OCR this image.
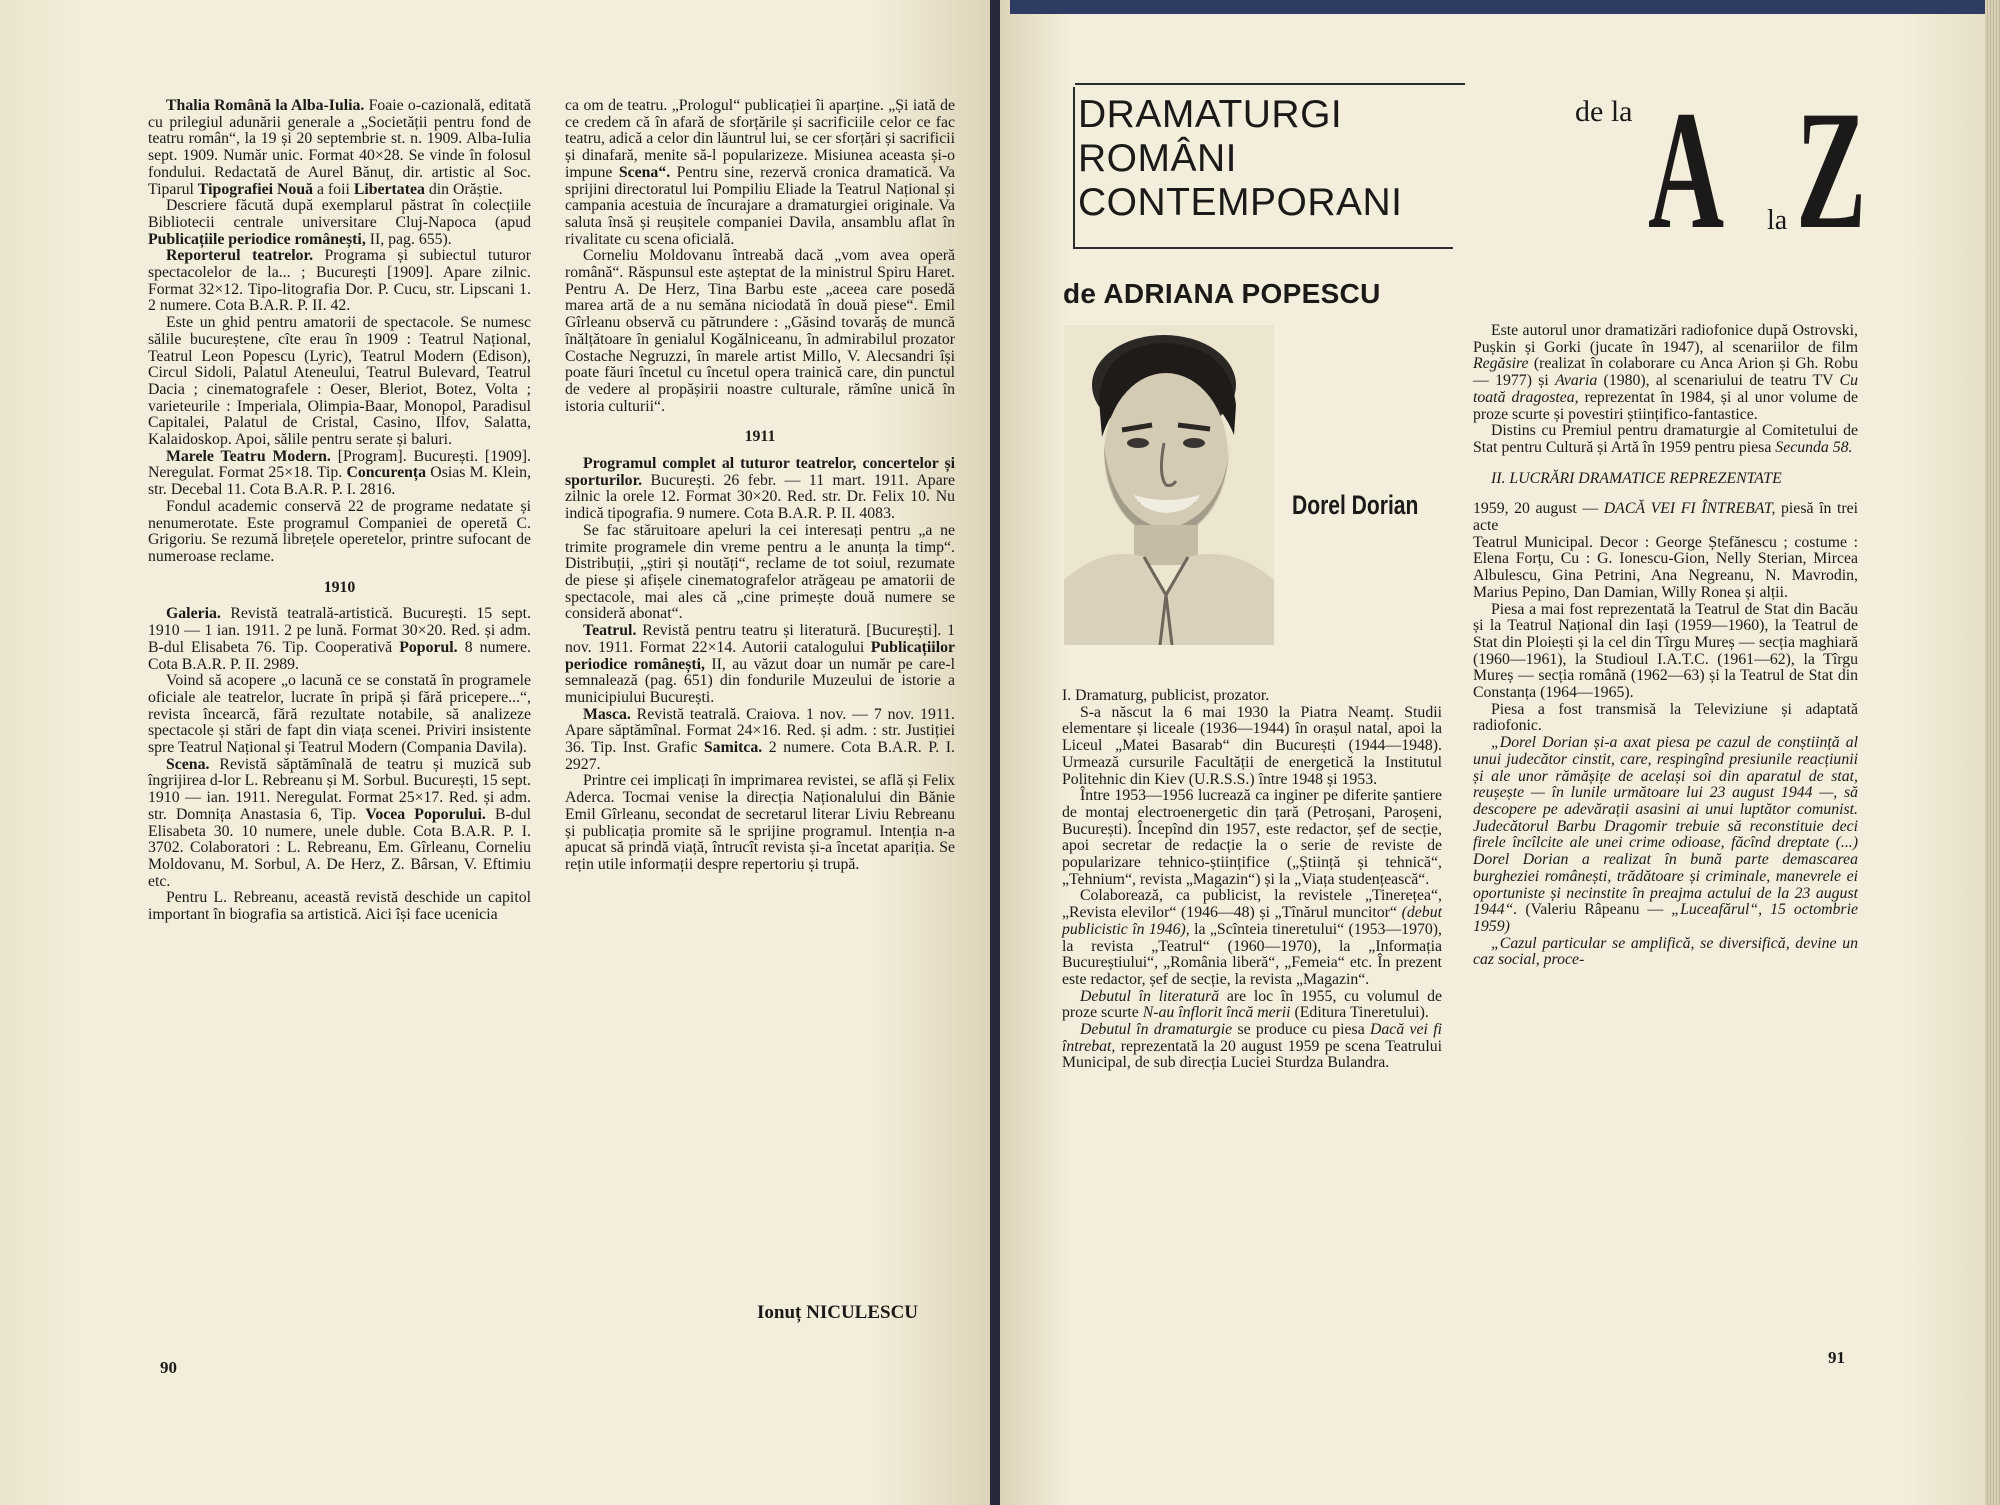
Thalia Română la Alba-Iulia. Foaie o-cazională, editată cu prilegiul adunării generale a „Societății pentru fond de teatru român“, la 19 și 20 septembrie st. n. 1909. Alba-Iulia sept. 1909. Număr unic. Format 40×28. Se vinde în folosul fondului. Redactată de Aurel Bănuț, dir. artistic al Soc. Tiparul Tipografiei Nouă a foii Libertatea din Orăștie.

Descriere făcută după exemplarul păstrat în colecțiile Bibliotecii centrale universitare Cluj-Napoca (apud Publicațiile periodice românești, II, pag. 655).

Reporterul teatrelor. Programa și subiectul tuturor spectacolelor de la... ; București [1909]. Apare zilnic. Format 32×12. Tipo-litografia Dor. P. Cucu, str. Lipscani 1. 2 numere. Cota B.A.R. P. II. 42.

Este un ghid pentru amatorii de spectacole. Se numesc sălile bucureștene, cîte erau în 1909 : Teatrul Național, Teatrul Leon Popescu (Lyric), Teatrul Modern (Edison), Circul Sidoli, Palatul Ateneului, Teatrul Bulevard, Teatrul Dacia ; cinematografele : Oeser, Bleriot, Botez, Volta ; varieteurile : Imperiala, Olimpia-Baar, Monopol, Paradisul Capitalei, Palatul de Cristal, Casino, Ilfov, Salatta, Kalaidoskop. Apoi, sălile pentru serate și baluri.

Marele Teatru Modern. [Program]. București. [1909]. Neregulat. Format 25×18. Tip. Concurența Osias M. Klein, str. Decebal 11. Cota B.A.R. P. I. 2816.

Fondul academic conservă 22 de programe nedatate și nenumerotate. Este programul Companiei de operetă C. Grigoriu. Se rezumă librețele operetelor, printre sufocant de numeroase reclame.

1910

Galeria. Revistă teatrală-artistică. București. 15 sept. 1910 — 1 ian. 1911. 2 pe lună. Format 30×20. Red. și adm. B-dul Elisabeta 76. Tip. Cooperativă Poporul. 8 numere. Cota B.A.R. P. II. 2989.

Voind să acopere „o lacună ce se constată în programele oficiale ale teatrelor, lucrate în pripă și fără pricepere...“, revista încearcă, fără rezultate notabile, să analizeze spectacole și stări de fapt din viața scenei. Priviri insistente spre Teatrul Național și Teatrul Modern (Compania Davila).

Scena. Revistă săptămînală de teatru și muzică sub îngrijirea d-lor L. Rebreanu și M. Sorbul. București, 15 sept. 1910 — ian. 1911. Neregulat. Format 25×17. Red. și adm. str. Domnița Anastasia 6, Tip. Vocea Poporului. B-dul Elisabeta 30. 10 numere, unele duble. Cota B.A.R. P. I. 3702. Colaboratori : L. Rebreanu, Em. Gîrleanu, Corneliu Moldovanu, M. Sorbul, A. De Herz, Z. Bârsan, V. Eftimiu etc.

Pentru L. Rebreanu, această revistă deschide un capitol important în biografia sa artistică. Aici își face ucenicia

ca om de teatru. „Prologul“ publicației îi aparține. „Și iată de ce credem că în afară de sforțările și sacrificiile celor ce fac teatru, adică a celor din lăuntrul lui, se cer sforțări și sacrificii și dinafară, menite să-l popularizeze. Misiunea aceasta și-o impune Scena“. Pentru sine, rezervă cronica dramatică. Va sprijini directoratul lui Pompiliu Eliade la Teatrul Național și campania acestuia de încurajare a dramaturgiei originale. Va saluta însă și reușitele companiei Davila, ansamblu aflat în rivalitate cu scena oficială.

Corneliu Moldovanu întreabă dacă „vom avea operă română“. Răspunsul este așteptat de la ministrul Spiru Haret. Pentru A. De Herz, Tina Barbu este „aceea care posedă marea artă de a nu semăna niciodată în două piese“. Emil Gîrleanu observă cu pătrundere : „Găsind tovarăș de muncă înălțătoare în genialul Kogălniceanu, în admirabilul prozator Costache Negruzzi, în marele artist Millo, V. Alecsandri își poate făuri încetul cu încetul opera trainică care, din punctul de vedere al propășirii noastre culturale, rămîne unică în istoria culturii“.

1911

Programul complet al tuturor teatrelor, concertelor și sporturilor. București. 26 febr. — 11 mart. 1911. Apare zilnic la orele 12. Format 30×20. Red. str. Dr. Felix 10. Nu indică tipografia. 9 numere. Cota B.A.R. P. II. 4083.

Se fac stăruitoare apeluri la cei interesați pentru „a ne trimite programele din vreme pentru a le anunța la timp“. Distribuții, „știri și noutăți“, reclame de tot soiul, rezumate de piese și afișele cinematografelor atrăgeau pe amatorii de spectacole, mai ales că „cine primește două numere se consideră abonat“.

Teatrul. Revistă pentru teatru și literatură. [București]. 1 nov. 1911. Format 22×14. Autorii catalogului Publicațiilor periodice românești, II, au văzut doar un număr pe care-l semnalează (pag. 651) din fondurile Muzeului de istorie a municipiului București.

Masca. Revistă teatrală. Craiova. 1 nov. — 7 nov. 1911. Apare săptămînal. Format 24×16. Red. și adm. : str. Justiției 36. Tip. Inst. Grafic Samitca. 2 numere. Cota B.A.R. P. I. 2927.

Printre cei implicați în imprimarea revistei, se află și Felix Aderca. Tocmai venise la direcția Naționalului din Bănie Emil Gîrleanu, secondat de secretarul literar Liviu Rebreanu și publicația promite să le sprijine programul. Intenția n-a apucat să prindă viață, întrucît revista și-a încetat apariția. Se rețin utile informații despre repertoriu și trupă.

Ionuț NICULESCU
90
DRAMATURGI
ROMÂNI
CONTEMPORANI
de la A la Z
de ADRIANA POPESCU
Dorel Dorian

I. Dramaturg, publicist, prozator.

S-a născut la 6 mai 1930 la Piatra Neamț. Studii elementare și liceale (1936—1944) în orașul natal, apoi la Liceul „Matei Basarab“ din București (1944—1948). Urmează cursurile Facultății de energetică la Institutul Politehnic din Kiev (U.R.S.S.) între 1948 și 1953.

Între 1953—1956 lucrează ca inginer pe diferite șantiere de montaj electroenergetic din țară (Petroșani, Paroșeni, București). Începînd din 1957, este redactor, șef de secție, apoi secretar de redacție la o serie de reviste de popularizare tehnico-științifice („Știință și tehnică“, „Tehnium“, revista „Magazin“) și la „Viața studențească“.

Colaborează, ca publicist, la revistele „Tinerețea“, „Revista elevilor“ (1946—48) și „Tînărul muncitor“ (debut publicistic în 1946), la „Scînteia tineretului“ (1953—1970), la revista „Teatrul“ (1960—1970), la „Informația Bucureștiului“, „România liberă“, „Femeia“ etc. În prezent este redactor, șef de secție, la revista „Magazin“.

Debutul în literatură are loc în 1955, cu volumul de proze scurte N-au înflorit încă merii (Editura Tineretului).

Debutul în dramaturgie se produce cu piesa Dacă vei fi întrebat, reprezentată la 20 august 1959 pe scena Teatrului Municipal, de sub direcția Luciei Sturdza Bulandra.

Este autorul unor dramatizări radiofonice după Ostrovski, Pușkin și Gorki (jucate în 1947), al scenariilor de film Regăsire (realizat în colaborare cu Anca Arion și Gh. Robu — 1977) și Avaria (1980), al scenariului de teatru TV Cu toată dragostea, reprezentat în 1984, și al unor volume de proze scurte și povestiri științifico-fantastice.

Distins cu Premiul pentru dramaturgie al Comitetului de Stat pentru Cultură și Artă în 1959 pentru piesa Secunda 58.

II. LUCRĂRI DRAMATICE REPREZENTATE

1959, 20 august — DACĂ VEI FI ÎNTREBAT, piesă în trei acte

Teatrul Municipal. Decor : George Ștefănescu ; costume : Elena Forțu, Cu : G. Ionescu-Gion, Nelly Sterian, Mircea Albulescu, Gina Petrini, Ana Negreanu, N. Mavrodin, Marius Pepino, Dan Damian, Willy Ronea și alții.

Piesa a mai fost reprezentată la Teatrul de Stat din Bacău și la Teatrul Național din Iași (1959—1960), la Teatrul de Stat din Ploiești și la cel din Tîrgu Mureș — secția maghiară (1960—1961), la Studioul I.A.T.C. (1961—62), la Tîrgu Mureș — secția română (1962—63) și la Teatrul de Stat din Constanța (1964—1965).

Piesa a fost transmisă la Televiziune și adaptată radiofonic.

„Dorel Dorian și-a axat piesa pe cazul de conștiință al unui judecător cinstit, care, respingînd presiunile reacțiunii și ale unor rămășițe de același soi din aparatul de stat, reușește — în lunile următoare lui 23 august 1944 —, să descopere pe adevărații asasini ai unui luptător comunist. Judecătorul Barbu Dragomir trebuie să reconstituie deci firele încîlcite ale unei crime odioase, făcînd dreptate (...) Dorel Dorian a realizat în bună parte demascarea burgheziei românești, trădătoare și criminale, manevrele ei oportuniste și necinstite în preajma actului de la 23 august 1944“. (Valeriu Râpeanu — „Luceafărul“, 15 octombrie 1959)

„Cazul particular se amplifică, se diversifică, devine un caz social, proce-

91
